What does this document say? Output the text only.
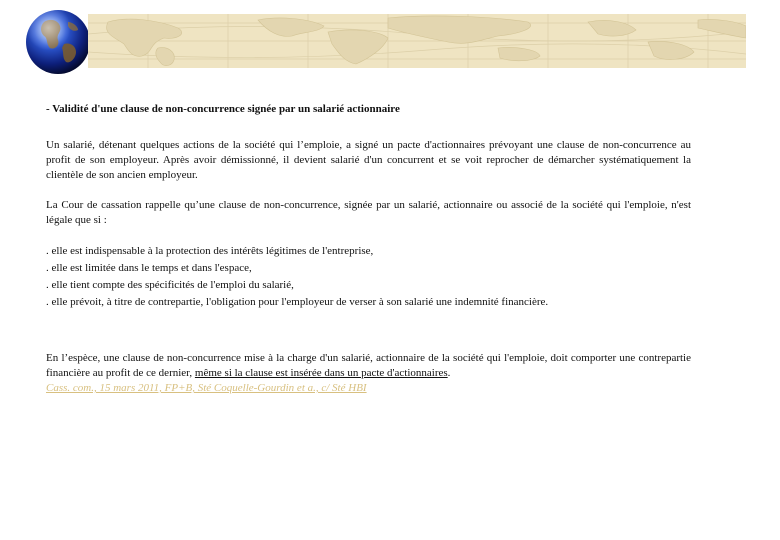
- Validité d'une clause de non-concurrence signée par un salarié actionnaire

Un salarié, détenant quelques actions de la société qui l’emploie, a signé un pacte d'actionnaires prévoyant une clause de non-concurrence au profit de son employeur. Après avoir démissionné, il devient salarié d'un concurrent et se voit reprocher de démarcher systématiquement la clientèle de son ancien employeur.

La Cour de cassation rappelle qu’une clause de non-concurrence, signée par un salarié, actionnaire ou associé de la société qui l'emploie, n'est légale que si :

. elle est indispensable à la protection des intérêts légitimes de l'entreprise,
. elle est limitée dans le temps et dans l'espace,
. elle tient compte des spécificités de l'emploi du salarié,
. elle prévoit, à titre de contrepartie, l'obligation pour l'employeur de verser à son salarié une indemnité financière.

En l’espèce, une clause de non-concurrence mise à la charge d'un salarié, actionnaire de la société qui l'emploie, doit comporter une contrepartie financière au profit de ce dernier, même si la clause est insérée dans un pacte d'actionnaires.

Cass. com., 15 mars 2011, FP+B, Sté Coquelle-Gourdin et a., c/ Sté HBI
